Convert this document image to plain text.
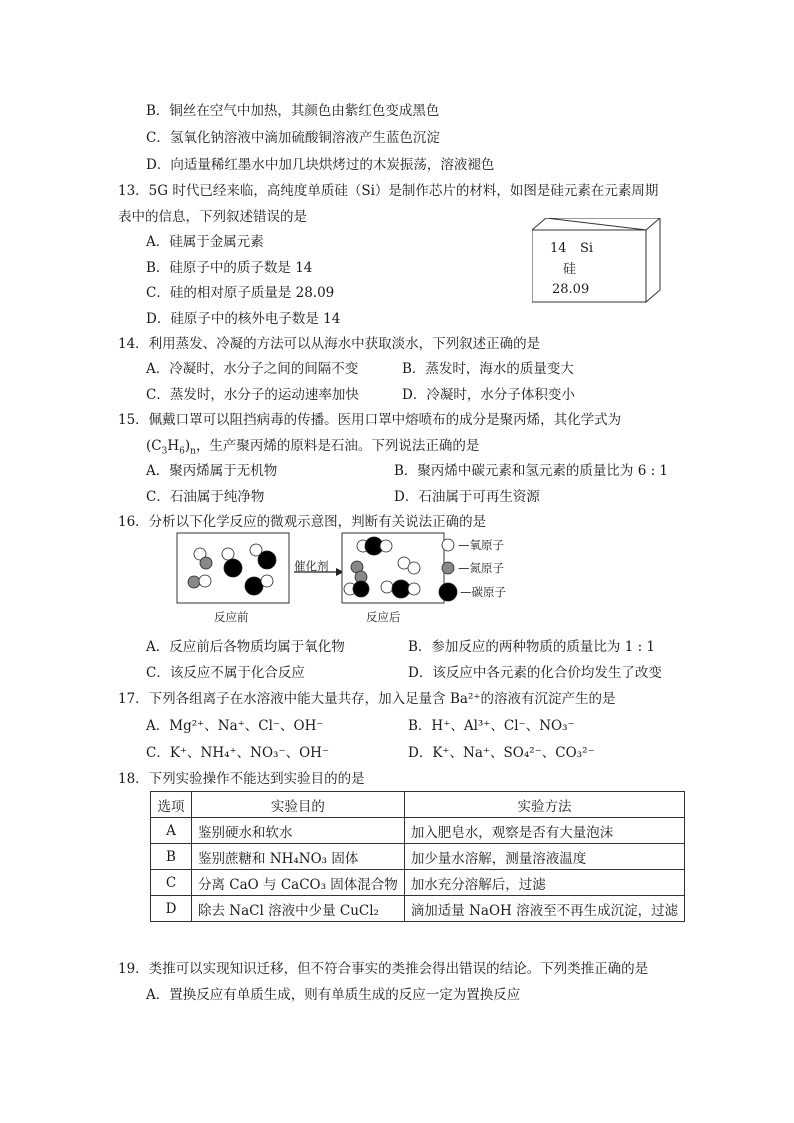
B．铜丝在空气中加热，其颜色由紫红色变成黑色
C．氢氧化钠溶液中滴加硫酸铜溶液产生蓝色沉淀
D．向适量稀红墨水中加几块烘烤过的木炭振荡，溶液褪色
13．5G 时代已经来临，高纯度单质硅（Si）是制作芯片的材料，如图是硅元素在元素周期
表中的信息，下列叙述错误的是
A．硅属于金属元素
B．硅原子中的质子数是 14
C．硅的相对原子质量是 28.09
D．硅原子中的核外电子数是 14
14 Si
硅
28.09
14．利用蒸发、冷凝的方法可以从海水中获取淡水，下列叙述正确的是
A．冷凝时，水分子之间的间隔不变	B．蒸发时，海水的质量变大
C．蒸发时，水分子的运动速率加快	D．冷凝时，水分子体积变小
15．佩戴口罩可以阻挡病毒的传播。医用口罩中熔喷布的成分是聚丙烯，其化学式为
$(C_3H_6)_n$，生产聚丙烯的原料是石油。下列说法正确的是
A．聚丙烯属于无机物	B．聚丙烯中碳元素和氢元素的质量比为 6 : 1
C．石油属于纯净物	D．石油属于可再生资源
16．分析以下化学反应的微观示意图，判断有关说法正确的是
催化剂
反应前	反应后
—氧原子
—氮原子
—碳原子
A．反应前后各物质均属于氧化物	B．参加反应的两种物质的质量比为 1 : 1
C．该反应不属于化合反应	D．该反应中各元素的化合价均发生了改变
17．下列各组离子在水溶液中能大量共存，加入足量含 Ba²⁺的溶液有沉淀产生的是
A．Mg²⁺、Na⁺、Cl⁻、OH⁻	B．H⁺、Al³⁺、Cl⁻、NO₃⁻
C．K⁺、NH₄⁺、NO₃⁻、OH⁻	D．K⁺、Na⁺、SO₄²⁻、CO₃²⁻
18．下列实验操作不能达到实验目的的是
选项	实验目的	实验方法
A	鉴别硬水和软水	加入肥皂水，观察是否有大量泡沫
B	鉴别蔗糖和 NH₄NO₃ 固体	加少量水溶解，测量溶液温度
C	分离 CaO 与 CaCO₃ 固体混合物	加水充分溶解后，过滤
D	除去 NaCl 溶液中少量 CuCl₂	滴加适量 NaOH 溶液至不再生成沉淀，过滤
19．类推可以实现知识迁移，但不符合事实的类推会得出错误的结论。下列类推正确的是
A．置换反应有单质生成，则有单质生成的反应一定为置换反应
